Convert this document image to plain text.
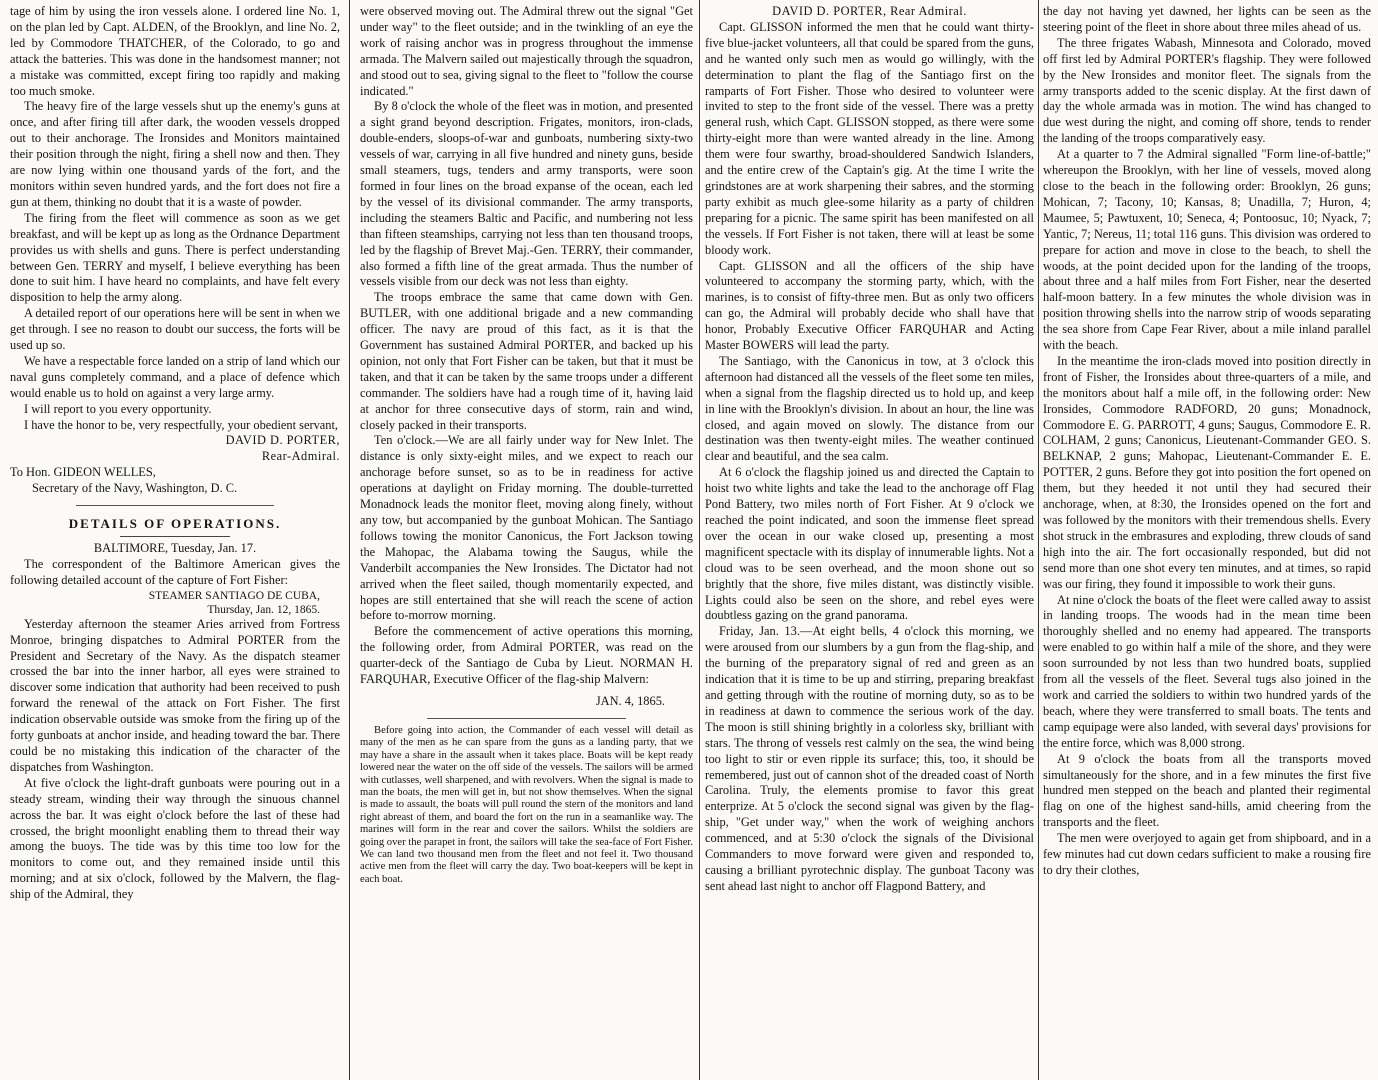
tage of him by using the iron vessels alone. I ordered line No. 1, on the plan led by Capt. ALDEN, of the Brooklyn, and line No. 2, led by Commodore THATCHER, of the Colorado, to go and attack the batteries. This was done in the handsomest manner; not a mistake was committed, except firing too rapidly and making too much smoke.

The heavy fire of the large vessels shut up the enemy's guns at once, and after firing till after dark, the wooden vessels dropped out to their anchorage. The Ironsides and Monitors maintained their position through the night, firing a shell now and then. They are now lying within one thousand yards of the fort, and the monitors within seven hundred yards, and the fort does not fire a gun at them, thinking no doubt that it is a waste of powder.

The firing from the fleet will commence as soon as we get breakfast, and will be kept up as long as the Ordnance Department provides us with shells and guns. There is perfect understanding between Gen. TERRY and myself, I believe everything has been done to suit him. I have heard no complaints, and have felt every disposition to help the army along.

A detailed report of our operations here will be sent in when we get through. I see no reason to doubt our success, the forts will be used up so.

We have a respectable force landed on a strip of land which our naval guns completely command, and a place of defence which would enable us to hold on against a very large army.

I will report to you every opportunity.

I have the honor to be, very respectfully, your obedient servant,

DAVID D. PORTER,

Rear-Admiral.

To Hon. GIDEON WELLES,

Secretary of the Navy, Washington, D. C.

DETAILS OF OPERATIONS.

BALTIMORE, Tuesday, Jan. 17.

The correspondent of the Baltimore American gives the following detailed account of the capture of Fort Fisher:

STEAMER SANTIAGO DE CUBA,

Thursday, Jan. 12, 1865.

Yesterday afternoon the steamer Aries arrived from Fortress Monroe, bringing dispatches to Admiral PORTER from the President and Secretary of the Navy. As the dispatch steamer crossed the bar into the inner harbor, all eyes were strained to discover some indication that authority had been received to push forward the renewal of the attack on Fort Fisher. The first indication observable outside was smoke from the firing up of the forty gunboats at anchor inside, and heading toward the bar. There could be no mistaking this indication of the character of the dispatches from Washington.

At five o'clock the light-draft gunboats were pouring out in a steady stream, winding their way through the sinuous channel across the bar. It was eight o'clock before the last of these had crossed, the bright moonlight enabling them to thread their way among the buoys. The tide was by this time too low for the monitors to come out, and they remained inside until this morning; and at six o'clock, followed by the Malvern, the flag-ship of the Admiral, they

were observed moving out. The Admiral threw out the signal "Get under way" to the fleet outside; and in the twinkling of an eye the work of raising anchor was in progress throughout the immense armada. The Malvern sailed out majestically through the squadron, and stood out to sea, giving signal to the fleet to "follow the course indicated."

By 8 o'clock the whole of the fleet was in motion, and presented a sight grand beyond description. Frigates, monitors, iron-clads, double-enders, sloops-of-war and gunboats, numbering sixty-two vessels of war, carrying in all five hundred and ninety guns, beside small steamers, tugs, tenders and army transports, were soon formed in four lines on the broad expanse of the ocean, each led by the vessel of its divisional commander. The army transports, including the steamers Baltic and Pacific, and numbering not less than fifteen steamships, carrying not less than ten thousand troops, led by the flagship of Brevet Maj.-Gen. TERRY, their commander, also formed a fifth line of the great armada. Thus the number of vessels visible from our deck was not less than eighty.

The troops embrace the same that came down with Gen. BUTLER, with one additional brigade and a new commanding officer. The navy are proud of this fact, as it is that the Government has sustained Admiral PORTER, and backed up his opinion, not only that Fort Fisher can be taken, but that it must be taken, and that it can be taken by the same troops under a different commander. The soldiers have had a rough time of it, having laid at anchor for three consecutive days of storm, rain and wind, closely packed in their transports.

Ten o'clock.—We are all fairly under way for New Inlet. The distance is only sixty-eight miles, and we expect to reach our anchorage before sunset, so as to be in readiness for active operations at daylight on Friday morning. The double-turretted Monadnock leads the monitor fleet, moving along finely, without any tow, but accompanied by the gunboat Mohican. The Santiago follows towing the monitor Canonicus, the Fort Jackson towing the Mahopac, the Alabama towing the Saugus, while the Vanderbilt accompanies the New Ironsides. The Dictator had not arrived when the fleet sailed, though momentarily expected, and hopes are still entertained that she will reach the scene of action before to-morrow morning.

Before the commencement of active operations this morning, the following order, from Admiral PORTER, was read on the quarter-deck of the Santiago de Cuba by Lieut. NORMAN H. FARQUHAR, Executive Officer of the flag-ship Malvern:

JAN. 4, 1865.

Before going into action, the Commander of each vessel will detail as many of the men as he can spare from the guns as a landing party, that we may have a share in the assault when it takes place. Boats will be kept ready lowered near the water on the off side of the vessels. The sailors will be armed with cutlasses, well sharpened, and with revolvers. When the signal is made to man the boats, the men will get in, but not show themselves. When the signal is made to assault, the boats will pull round the stern of the monitors and land right abreast of them, and board the fort on the run in a seamanlike way. The marines will form in the rear and cover the sailors. Whilst the soldiers are going over the parapet in front, the sailors will take the sea-face of Fort Fisher. We can land two thousand men from the fleet and not feel it. Two thousand active men from the fleet will carry the day. Two boat-keepers will be kept in each boat.

DAVID D. PORTER, Rear Admiral.

Capt. GLISSON informed the men that he could want thirty-five blue-jacket volunteers, all that could be spared from the guns, and he wanted only such men as would go willingly, with the determination to plant the flag of the Santiago first on the ramparts of Fort Fisher. Those who desired to volunteer were invited to step to the front side of the vessel. There was a pretty general rush, which Capt. GLISSON stopped, as there were some thirty-eight more than were wanted already in the line. Among them were four swarthy, broad-shouldered Sandwich Islanders, and the entire crew of the Captain's gig. At the time I write the grindstones are at work sharpening their sabres, and the storming party exhibit as much glee-some hilarity as a party of children preparing for a picnic. The same spirit has been manifested on all the vessels. If Fort Fisher is not taken, there will at least be some bloody work.

Capt. GLISSON and all the officers of the ship have volunteered to accompany the storming party, which, with the marines, is to consist of fifty-three men. But as only two officers can go, the Admiral will probably decide who shall have that honor, Probably Executive Officer FARQUHAR and Acting Master BOWERS will lead the party.

The Santiago, with the Canonicus in tow, at 3 o'clock this afternoon had distanced all the vessels of the fleet some ten miles, when a signal from the flagship directed us to hold up, and keep in line with the Brooklyn's division. In about an hour, the line was closed, and again moved on slowly. The distance from our destination was then twenty-eight miles. The weather continued clear and beautiful, and the sea calm.

At 6 o'clock the flagship joined us and directed the Captain to hoist two white lights and take the lead to the anchorage off Flag Pond Battery, two miles north of Fort Fisher. At 9 o'clock we reached the point indicated, and soon the immense fleet spread over the ocean in our wake closed up, presenting a most magnificent spectacle with its display of innumerable lights. Not a cloud was to be seen overhead, and the moon shone out so brightly that the shore, five miles distant, was distinctly visible. Lights could also be seen on the shore, and rebel eyes were doubtless gazing on the grand panorama.

Friday, Jan. 13.—At eight bells, 4 o'clock this morning, we were aroused from our slumbers by a gun from the flag-ship, and the burning of the preparatory signal of red and green as an indication that it is time to be up and stirring, preparing breakfast and getting through with the routine of morning duty, so as to be in readiness at dawn to commence the serious work of the day. The moon is still shining brightly in a colorless sky, brilliant with stars. The throng of vessels rest calmly on the sea, the wind being too light to stir or even ripple its surface; this, too, it should be remembered, just out of cannon shot of the dreaded coast of North Carolina. Truly, the elements promise to favor this great enterprize. At 5 o'clock the second signal was given by the flag-ship, "Get under way," when the work of weighing anchors commenced, and at 5:30 o'clock the signals of the Divisional Commanders to move forward were given and responded to, causing a brilliant pyrotechnic display. The gunboat Tacony was sent ahead last night to anchor off Flagpond Battery, and

the day not having yet dawned, her lights can be seen as the steering point of the fleet in shore about three miles ahead of us.

The three frigates Wabash, Minnesota and Colorado, moved off first led by Admiral PORTER's flagship. They were followed by the New Ironsides and monitor fleet. The signals from the army transports added to the scenic display. At the first dawn of day the whole armada was in motion. The wind has changed to due west during the night, and coming off shore, tends to render the landing of the troops comparatively easy.

At a quarter to 7 the Admiral signalled "Form line-of-battle;" whereupon the Brooklyn, with her line of vessels, moved along close to the beach in the following order: Brooklyn, 26 guns; Mohican, 7; Tacony, 10; Kansas, 8; Unadilla, 7; Huron, 4; Maumee, 5; Pawtuxent, 10; Seneca, 4; Pontoosuc, 10; Nyack, 7; Yantic, 7; Nereus, 11; total 116 guns. This division was ordered to prepare for action and move in close to the beach, to shell the woods, at the point decided upon for the landing of the troops, about three and a half miles from Fort Fisher, near the deserted half-moon battery. In a few minutes the whole division was in position throwing shells into the narrow strip of woods separating the sea shore from Cape Fear River, about a mile inland parallel with the beach.

In the meantime the iron-clads moved into position directly in front of Fisher, the Ironsides about three-quarters of a mile, and the monitors about half a mile off, in the following order: New Ironsides, Commodore RADFORD, 20 guns; Monadnock, Commodore E. G. PARROTT, 4 guns; Saugus, Commodore E. R. COLHAM, 2 guns; Canonicus, Lieutenant-Commander GEO. S. BELKNAP, 2 guns; Mahopac, Lieutenant-Commander E. E. POTTER, 2 guns. Before they got into position the fort opened on them, but they heeded it not until they had secured their anchorage, when, at 8:30, the Ironsides opened on the fort and was followed by the monitors with their tremendous shells. Every shot struck in the embrasures and exploding, threw clouds of sand high into the air. The fort occasionally responded, but did not send more than one shot every ten minutes, and at times, so rapid was our firing, they found it impossible to work their guns.

At nine o'clock the boats of the fleet were called away to assist in landing troops. The woods had in the mean time been thoroughly shelled and no enemy had appeared. The transports were enabled to go within half a mile of the shore, and they were soon surrounded by not less than two hundred boats, supplied from all the vessels of the fleet. Several tugs also joined in the work and carried the soldiers to within two hundred yards of the beach, where they were transferred to small boats. The tents and camp equipage were also landed, with several days' provisions for the entire force, which was 8,000 strong.

At 9 o'clock the boats from all the transports moved simultaneously for the shore, and in a few minutes the first five hundred men stepped on the beach and planted their regimental flag on one of the highest sand-hills, amid cheering from the transports and the fleet.

The men were overjoyed to again get from shipboard, and in a few minutes had cut down cedars sufficient to make a rousing fire to dry their clothes,
